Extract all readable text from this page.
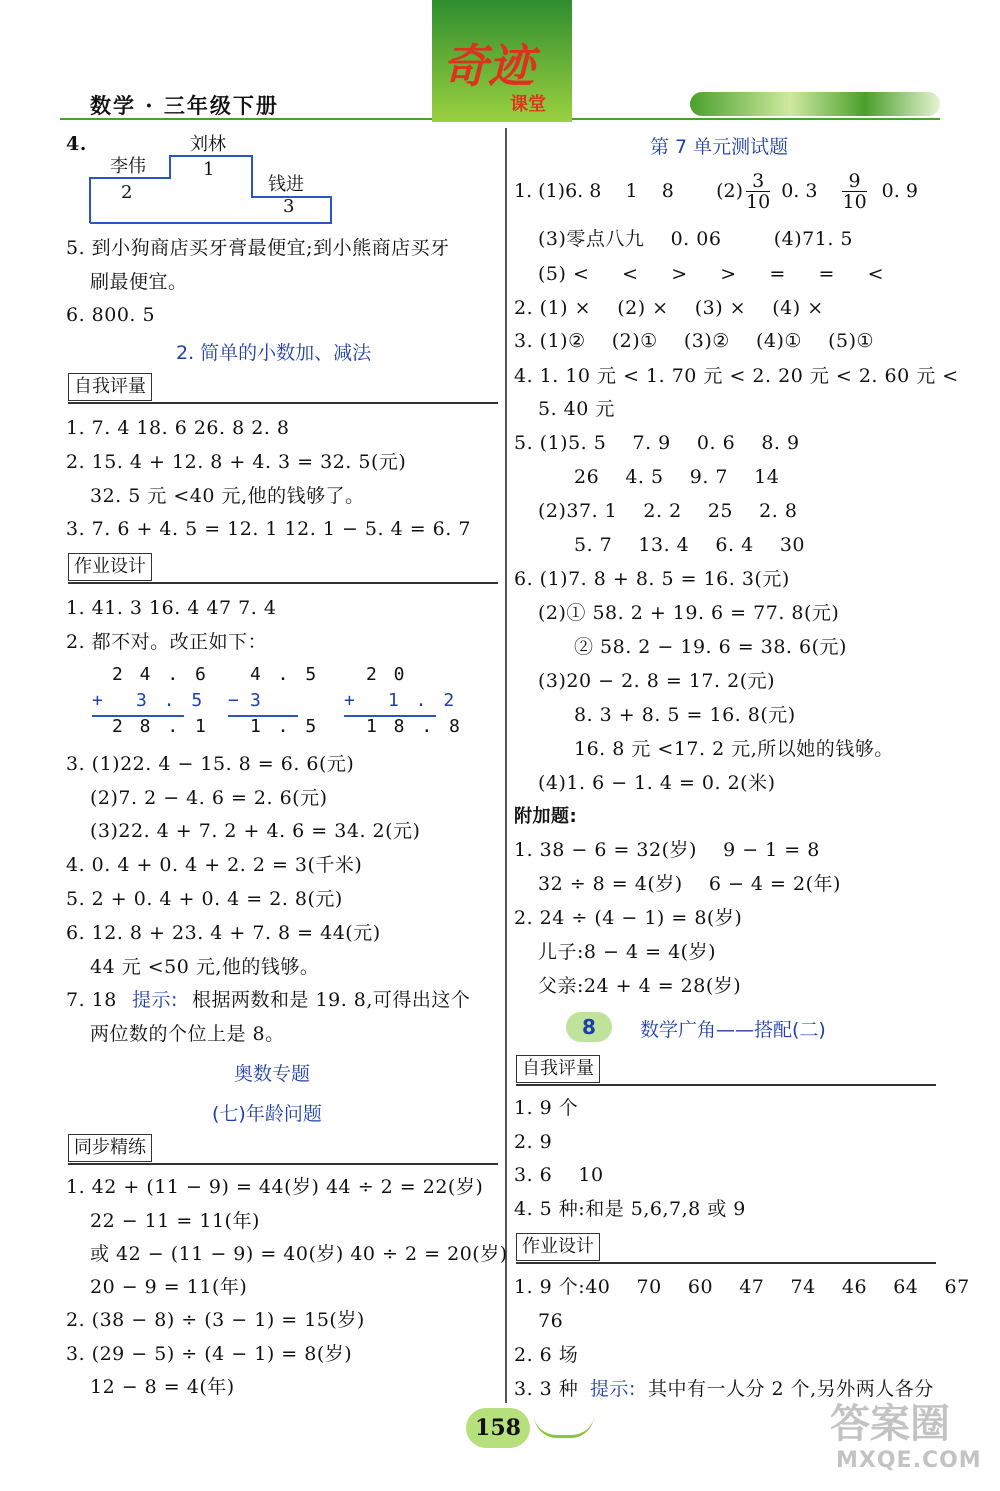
数学 · 三年级下册
奇迹
课堂
4.	刘林
1
李伟
2	钱进
3
5. 到小狗商店买牙膏最便宜;到小熊商店买牙
刷最便宜。
6. 800. 5
2. 简单的小数加、减法
自我评量
1. 7. 4 18. 6 26. 8 2. 8
2. 15. 4 + 12. 8 + 4. 3 = 32. 5(元)
32. 5 元 <40 元,他的钱够了。
3. 7. 6 + 4. 5 = 12. 1 12. 1 − 5. 4 = 6. 7
作业设计
1. 41. 3 16. 4 47 7. 4
2. 都不对。改正如下：
2 4 . 6
+ 3 . 5
2 8 . 1
4 . 5
− 3
1 . 5
2 0
+ 1 . 2
1 8 . 8
3. (1)22. 4 − 15. 8 = 6. 6(元)
(2)7. 2 − 4. 6 = 2. 6(元)
(3)22. 4 + 7. 2 + 4. 6 = 34. 2(元)
4. 0. 4 + 0. 4 + 2. 2 = 3(千米)
5. 2 + 0. 4 + 0. 4 = 2. 8(元)
6. 12. 8 + 23. 4 + 7. 8 = 44(元)
44 元 <50 元,他的钱够。
7. 18 提示: 根据两数和是 19. 8,可得出这个
两位数的个位上是 8。
奥数专题
(七)年龄问题
同步精练
1. 42 + (11 − 9) = 44(岁) 44 ÷ 2 = 22(岁)
22 − 11 = 11(年)
或 42 − (11 − 9) = 40(岁) 40 ÷ 2 = 20(岁)
20 − 9 = 11(年)
2. (38 − 8) ÷ (3 − 1) = 15(岁)
3. (29 − 5) ÷ (4 − 1) = 8(岁)
12 − 8 = 4(年)
第 7 单元测试题
1. (1)6. 8    1    8       $(2) \frac{3}{10} 0$. $3 \frac{9}{10} 0$. 9
(3)零点八九    0. 06        (4)71. 5
(5) <     <     >     >     =     =     <
2. (1) ×    (2) ×    (3) ×    (4) ×
3. (1)②    (2)①    (3)②    (4)①    (5)①
4. 1. 10 元 < 1. 70 元 < 2. 20 元 < 2. 60 元 <
5. 40 元
5. (1)5. 5    7. 9    0. 6    8. 9
26    4. 5    9. 7    14
(2)37. 1    2. 2    25    2. 8
5. 7    13. 4    6. 4    30
6. (1)7. 8 + 8. 5 = 16. 3(元)
(2)① 58. 2 + 19. 6 = 77. 8(元)
② 58. 2 − 19. 6 = 38. 6(元)
(3)20 − 2. 8 = 17. 2(元)
8. 3 + 8. 5 = 16. 8(元)
16. 8 元 <17. 2 元,所以她的钱够。
(4)1. 6 − 1. 4 = 0. 2(米)
附加题:
1. 38 − 6 = 32(岁)    9 − 1 = 8
32 ÷ 8 = 4(岁)    6 − 4 = 2(年)
2. 24 ÷ (4 − 1) = 8(岁)
儿子:8 − 4 = 4(岁)
父亲:24 + 4 = 28(岁)
8	数学广角——搭配(二)
自我评量
1. 9 个
2. 9
3. 6    10
4. 5 种:和是 5,6,7,8 或 9
作业设计
1. 9 个:40    70    60    47    74    46    64    67
76
2. 6 场
3. 3 种 提示: 其中有一人分 2 个,另外两人各分
158	答案圈
MXQE.COM
